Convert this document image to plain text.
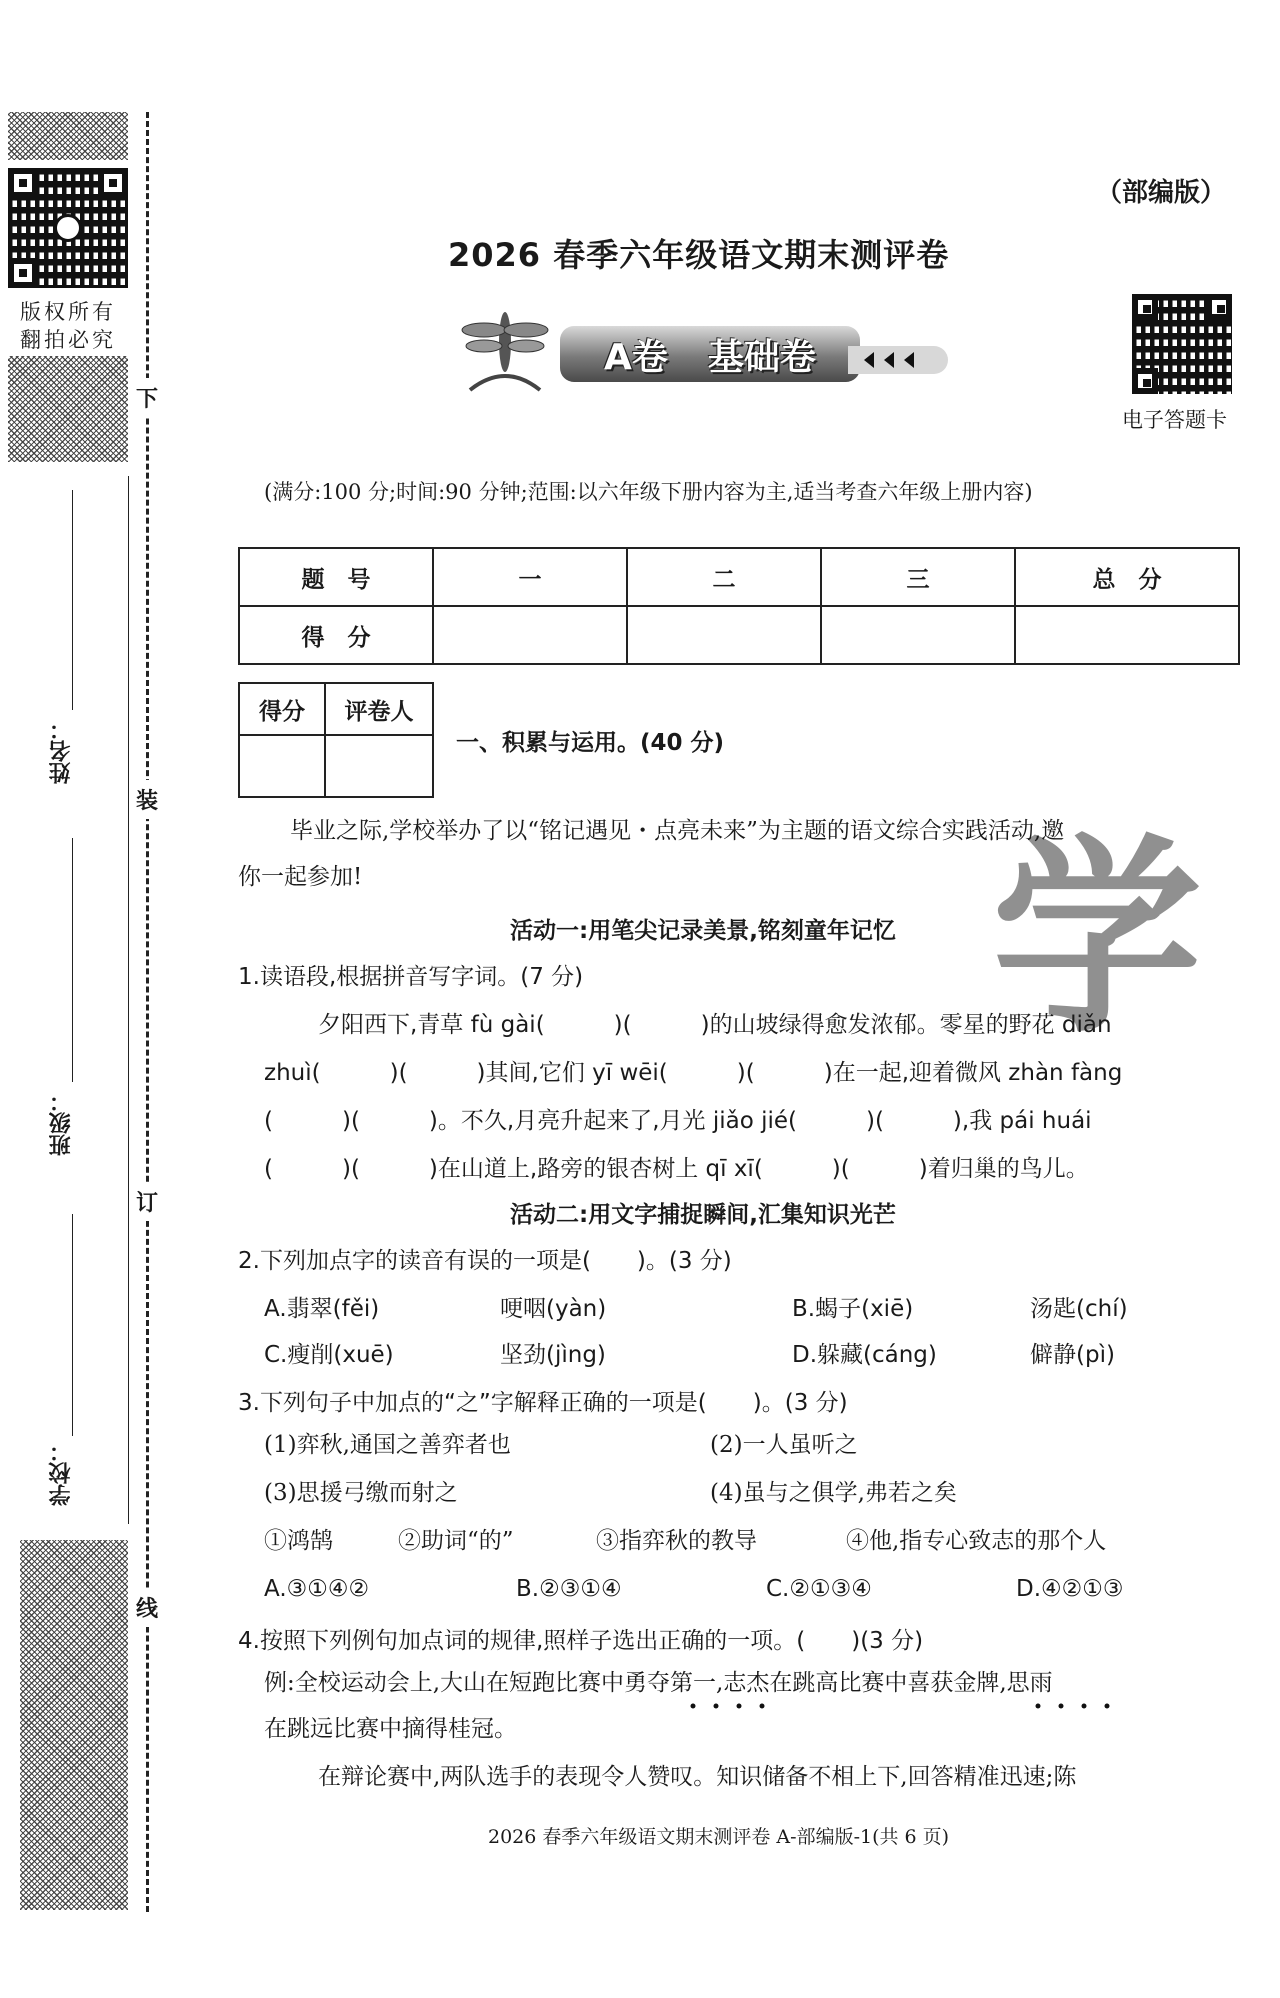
版权所有
翻拍必究
下
装
订
线
姓名：
班级：
学校：
（部编版）
2026 春季六年级语文期末测评卷
A卷 基础卷
电子答题卡
(满分:100 分;时间:90 分钟;范围:以六年级下册内容为主,适当考查六年级上册内容)
题　号	一	二	三	总　分
得　分				
得分	评卷人

一、积累与运用。(40 分)
学
毕业之际,学校举办了以“铭记遇见・点亮未来”为主题的语文综合实践活动,邀
你一起参加!
活动一:用笔尖记录美景,铭刻童年记忆
1.读语段,根据拼音写字词。(7 分)
夕阳西下,青草 fù gài(　　　)(　　　)的山坡绿得愈发浓郁。零星的野花 diǎn
zhuì(　　　)(　　　)其间,它们 yī wēi(　　　)(　　　)在一起,迎着微风 zhàn fàng
(　　　)(　　　)。不久,月亮升起来了,月光 jiǎo jié(　　　)(　　　),我 pái huái
(　　　)(　　　)在山道上,路旁的银杏树上 qī xī(　　　)(　　　)着归巢的鸟儿。
活动二:用文字捕捉瞬间,汇集知识光芒
2.下列加点字的读音有误的一项是(　　)。(3 分)
A.翡翠(fěi)	哽咽(yàn)	B.蝎子(xiē)	汤匙(chí)
C.瘦削(xuē)	坚劲(jìng)	D.躲藏(cáng)	僻静(pì)
3.下列句子中加点的“之”字解释正确的一项是(　　)。(3 分)
(1)弈秋,通国之善弈者也	(2)一人虽听之
(3)思援弓缴而射之	(4)虽与之俱学,弗若之矣
①鸿鹄	②助词“的”	③指弈秋的教导	④他,指专心致志的那个人
A.③①④②	B.②③①④	C.②①③④	D.④②①③
4.按照下列例句加点词的规律,照样子选出正确的一项。(　　)(3 分)
例:全校运动会上,大山在短跑比赛中勇夺第一,志杰在跳高比赛中喜获金牌,思雨
在跳远比赛中摘得桂冠。
在辩论赛中,两队选手的表现令人赞叹。知识储备不相上下,回答精准迅速;陈
2026 春季六年级语文期末测评卷 A-部编版-1(共 6 页)
